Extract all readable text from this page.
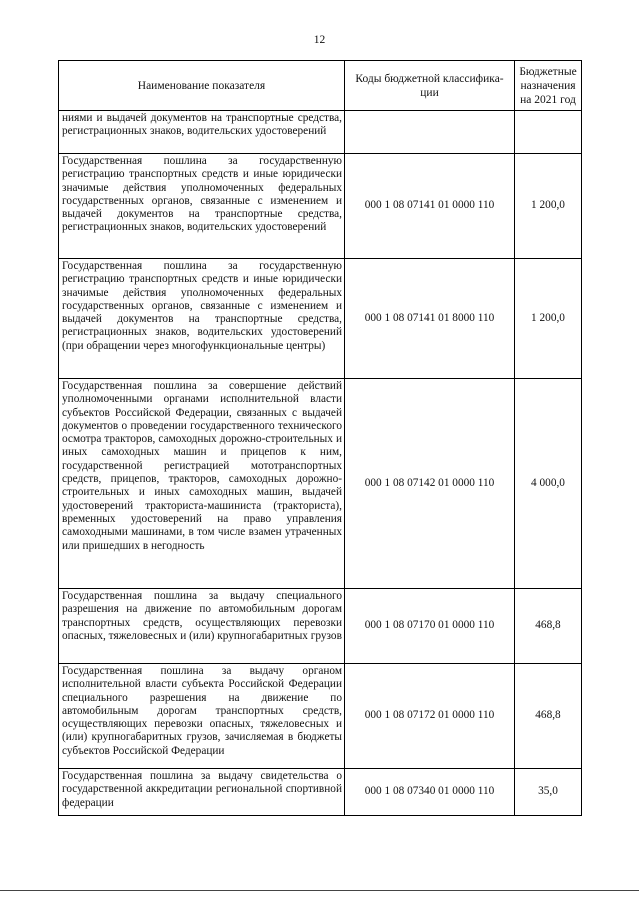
12
Наименование показателя	Коды бюджетной классифика-ции	Бюджетные назначения на 2021 год
ниями и выдачей документов на транспортные средства, регистрационных знаков, водительских удостоверений		
Государственная пошлина за государственную регистрацию транспортных средств и иные юридически значимые действия уполномоченных федеральных государственных органов, связанные с изменением и выдачей документов на транспортные средства, регистрационных знаков, водительских удостоверений	000 1 08 07141 01 0000 110	1 200,0
Государственная пошлина за государственную регистрацию транспортных средств и иные юридически значимые действия уполномоченных федеральных государственных органов, связанные с изменением и выдачей документов на транспортные средства, регистрационных знаков, водительских удостоверений (при обращении через многофункциональные центры)	000 1 08 07141 01 8000 110	1 200,0
Государственная пошлина за совершение действий уполномоченными органами исполнительной власти субъектов Российской Федерации, связанных с выдачей документов о проведении государственного технического осмотра тракторов, самоходных дорожно-строительных и иных самоходных машин и прицепов к ним, государственной регистрацией мототранспортных средств, прицепов, тракторов, самоходных дорожно-строительных и иных самоходных машин, выдачей удостоверений тракториста-машиниста (тракториста), временных удостоверений на право управления самоходными машинами, в том числе взамен утраченных или пришедших в негодность	000 1 08 07142 01 0000 110	4 000,0
Государственная пошлина за выдачу специального разрешения на движение по автомобильным дорогам транспортных средств, осуществляющих перевозки опасных, тяжеловесных и (или) крупногабаритных грузов	000 1 08 07170 01 0000 110	468,8
Государственная пошлина за выдачу органом исполнительной власти субъекта Российской Федерации специального разрешения на движение по автомобильным дорогам транспортных средств, осуществляющих перевозки опасных, тяжеловесных и (или) крупногабаритных грузов, зачисляемая в бюджеты субъектов Российской Федерации	000 1 08 07172 01 0000 110	468,8
Государственная пошлина за выдачу свидетельства о государственной аккредитации региональной спортивной федерации	000 1 08 07340 01 0000 110	35,0
